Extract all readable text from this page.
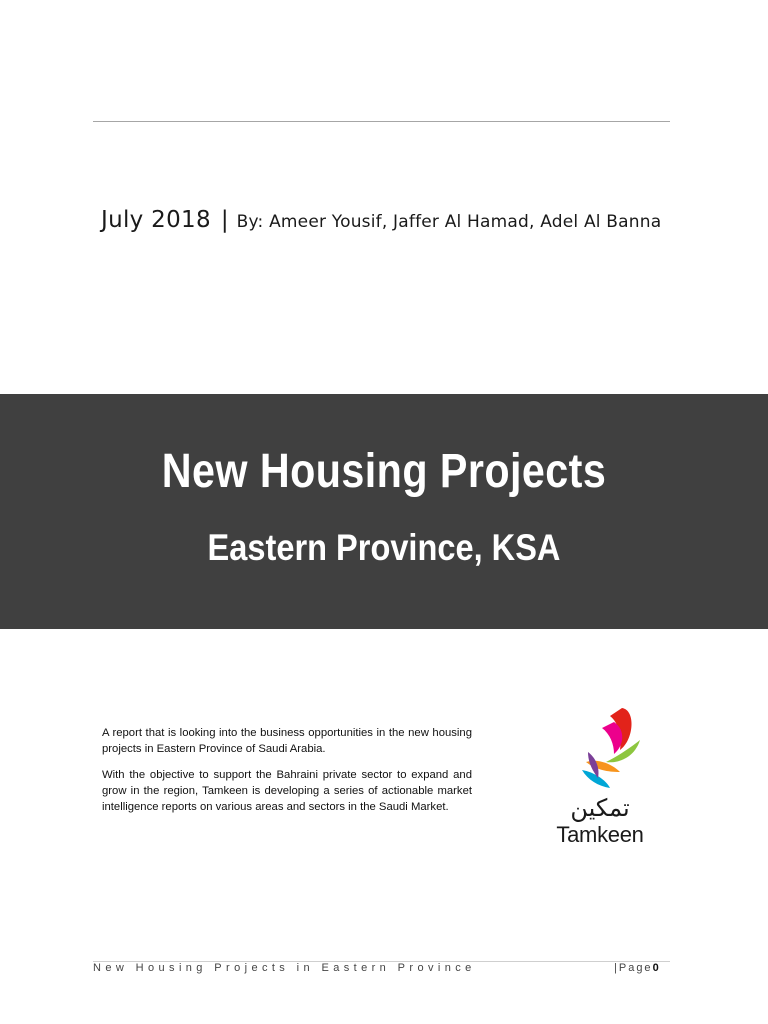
July 2018 | By: Ameer Yousif, Jaffer Al Hamad, Adel Al Banna
New Housing Projects
Eastern Province, KSA

A report that is looking into the business opportunities in the new housing projects in Eastern Province of Saudi Arabia.

With the objective to support the Bahraini private sector to expand and grow in the region, Tamkeen is developing a series of actionable market intelligence reports on various areas and sectors in the Saudi Market.	تمكين
Tamkeen
New Housing Projects in Eastern Province	|Page0
